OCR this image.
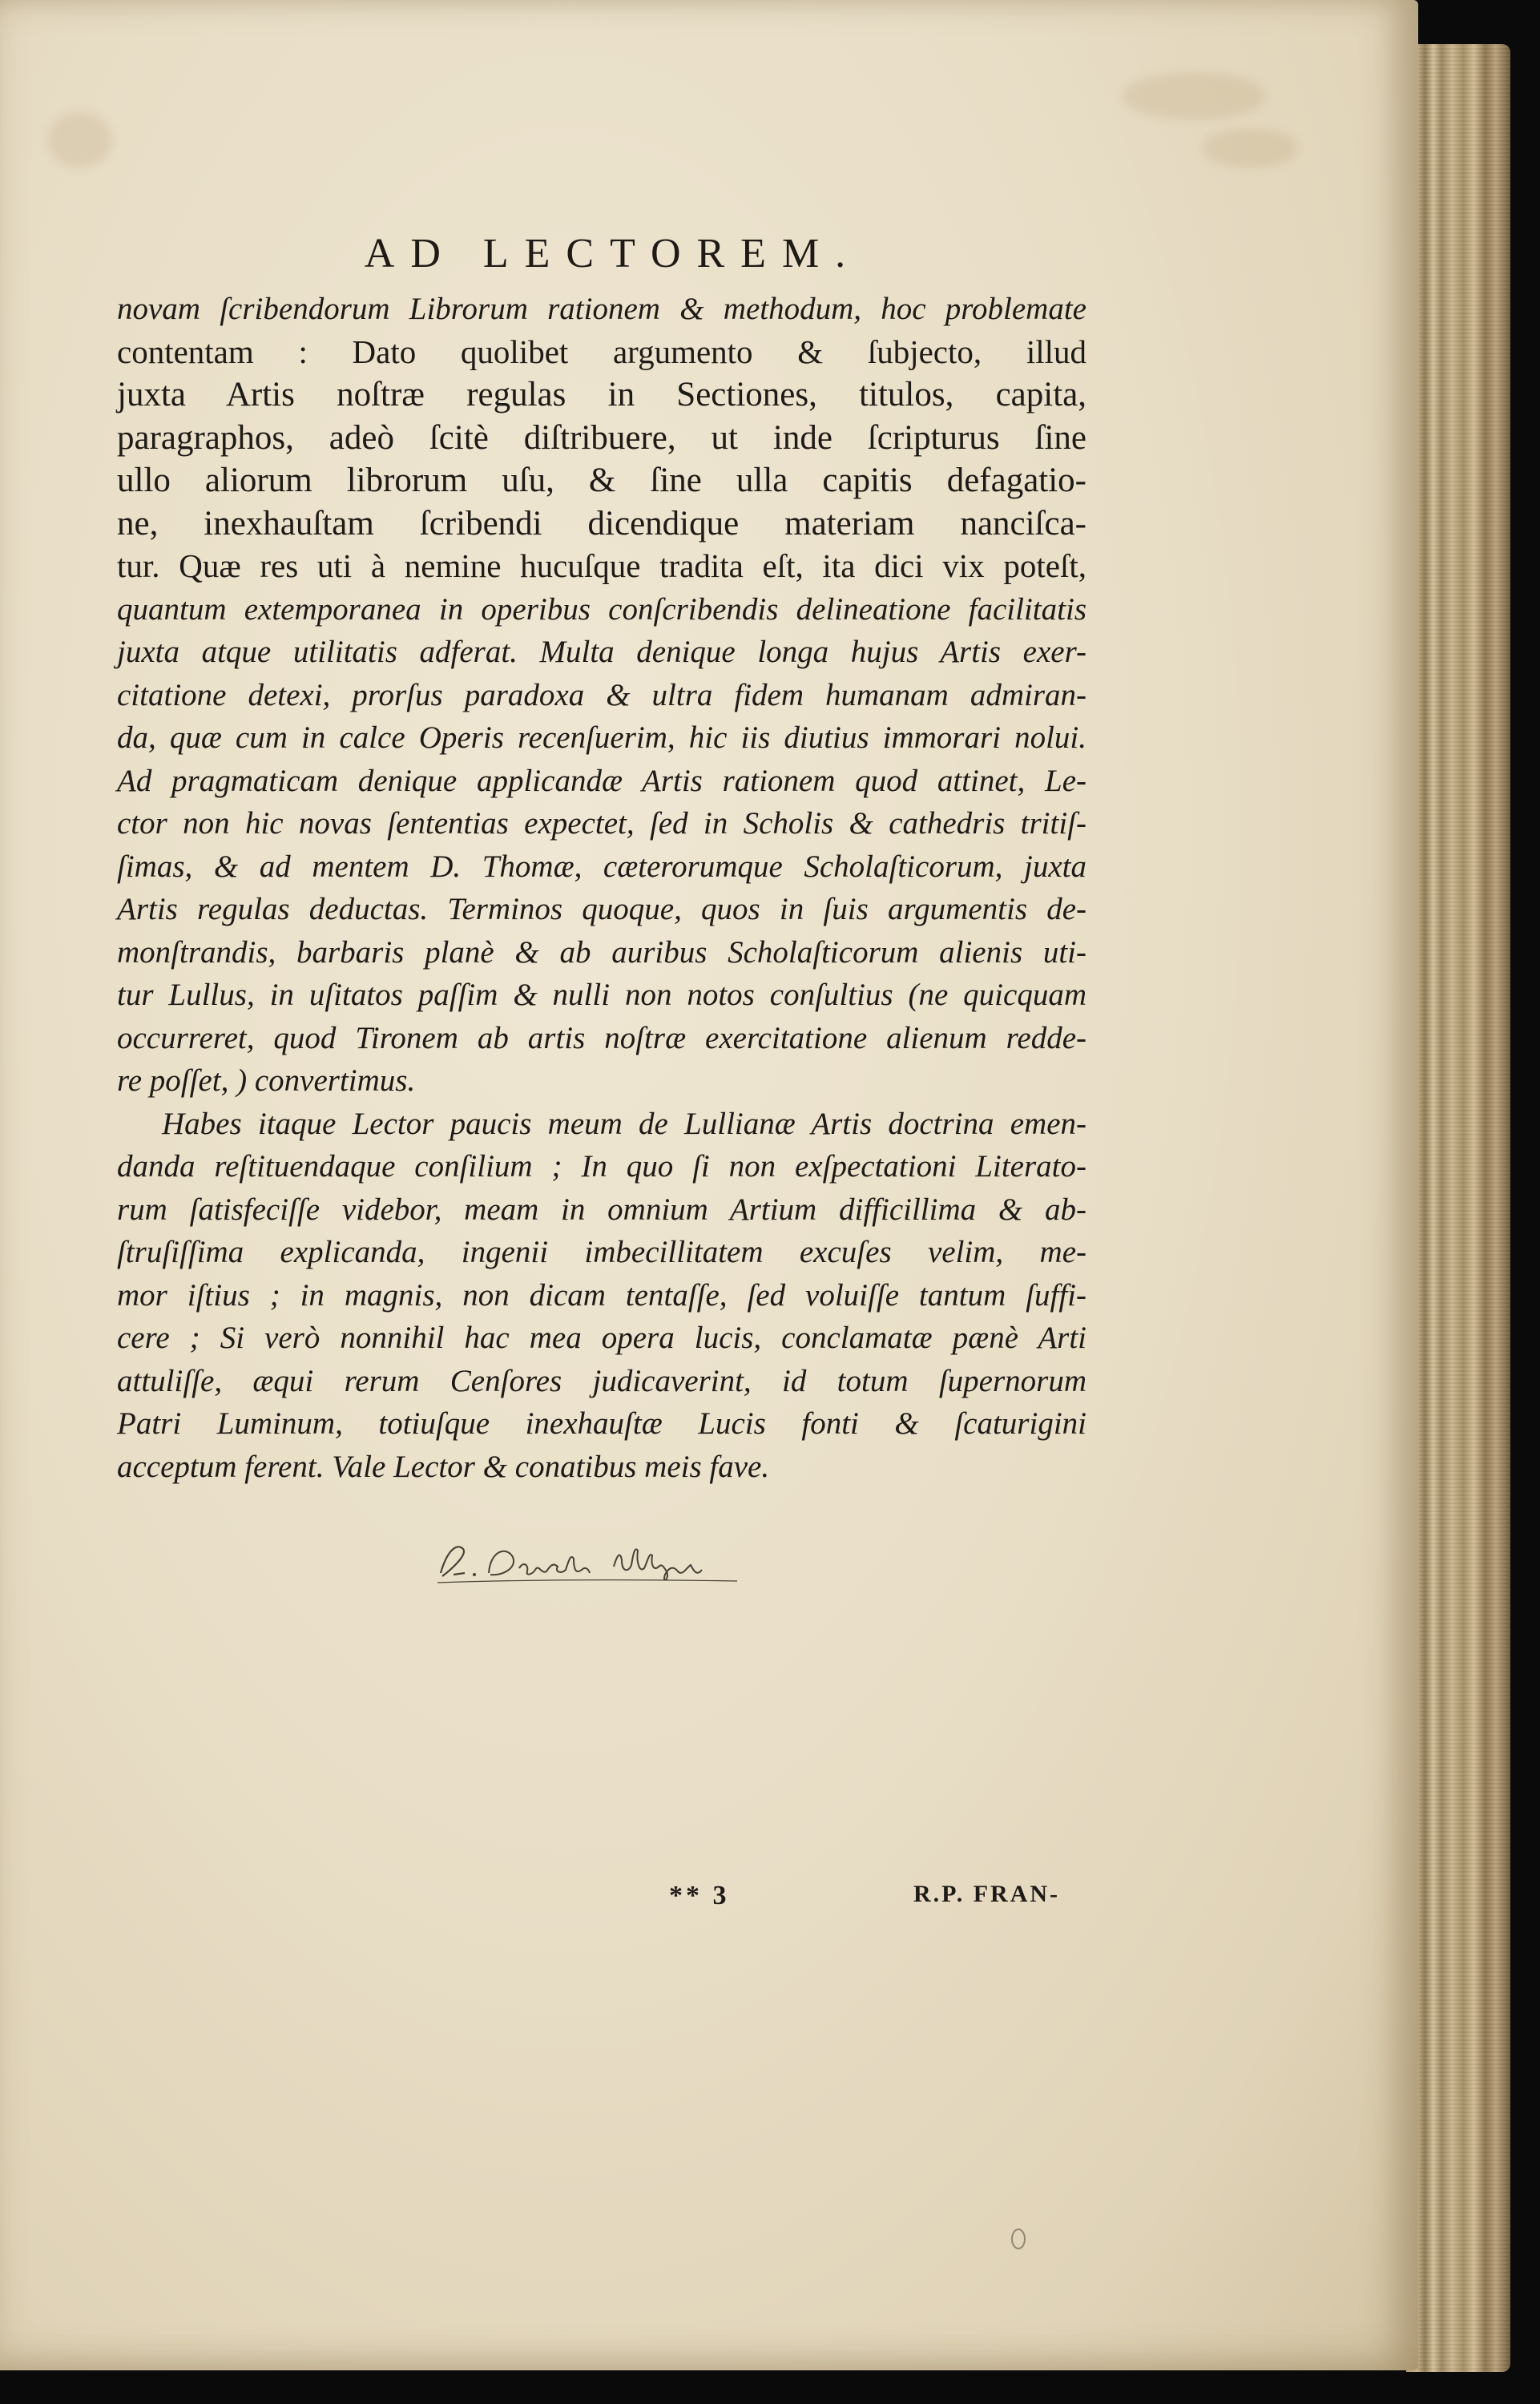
AD LECTOREM.
novam ſcribendorum Librorum rationem & methodum, hoc problemate
contentam : Dato quolibet argumento & ſubjecto, illud
juxta Artis noſtræ regulas in Sectiones, titulos, capita,
paragraphos, adeò ſcitè diſtribuere, ut inde ſcripturus ſine
ullo aliorum librorum uſu, & ſine ulla capitis defagatio-
ne, inexhauſtam ſcribendi dicendique materiam nanciſca-
tur. Quæ res uti à nemine hucuſque tradita eſt, ita dici vix poteſt,
quantum extemporanea in operibus conſcribendis delineatione facilitatis
juxta atque utilitatis adferat. Multa denique longa hujus Artis exer-
citatione detexi, prorſus paradoxa & ultra fidem humanam admiran-
da, quæ cum in calce Operis recenſuerim, hic iis diutius immorari nolui.
Ad pragmaticam denique applicandæ Artis rationem quod attinet, Le-
ctor non hic novas ſententias expectet, ſed in Scholis & cathedris tritiſ-
ſimas, & ad mentem D. Thomæ, cæterorumque Scholaſticorum, juxta
Artis regulas deductas. Terminos quoque, quos in ſuis argumentis de-
monſtrandis, barbaris planè & ab auribus Scholaſticorum alienis uti-
tur Lullus, in uſitatos paſſim & nulli non notos conſultius (ne quicquam
occurreret, quod Tironem ab artis noſtræ exercitatione alienum redde-
re poſſet, ) convertimus.
Habes itaque Lector paucis meum de Lullianæ Artis doctrina emen-
danda reſtituendaque conſilium ; In quo ſi non exſpectationi Literato-
rum ſatisfeciſſe videbor, meam in omnium Artium difficillima & ab-
ſtruſiſſima explicanda, ingenii imbecillitatem excuſes velim, me-
mor iſtius ; in magnis, non dicam tentaſſe, ſed voluiſſe tantum ſuffi-
cere ; Si verò nonnihil hac mea opera lucis, conclamatæ pænè Arti
attuliſſe, æqui rerum Cenſores judicaverint, id totum ſupernorum
Patri Luminum, totiuſque inexhauſtæ Lucis fonti & ſcaturigini
acceptum ferent. Vale Lector & conatibus meis fave.
** 3	R.P. FRAN-
